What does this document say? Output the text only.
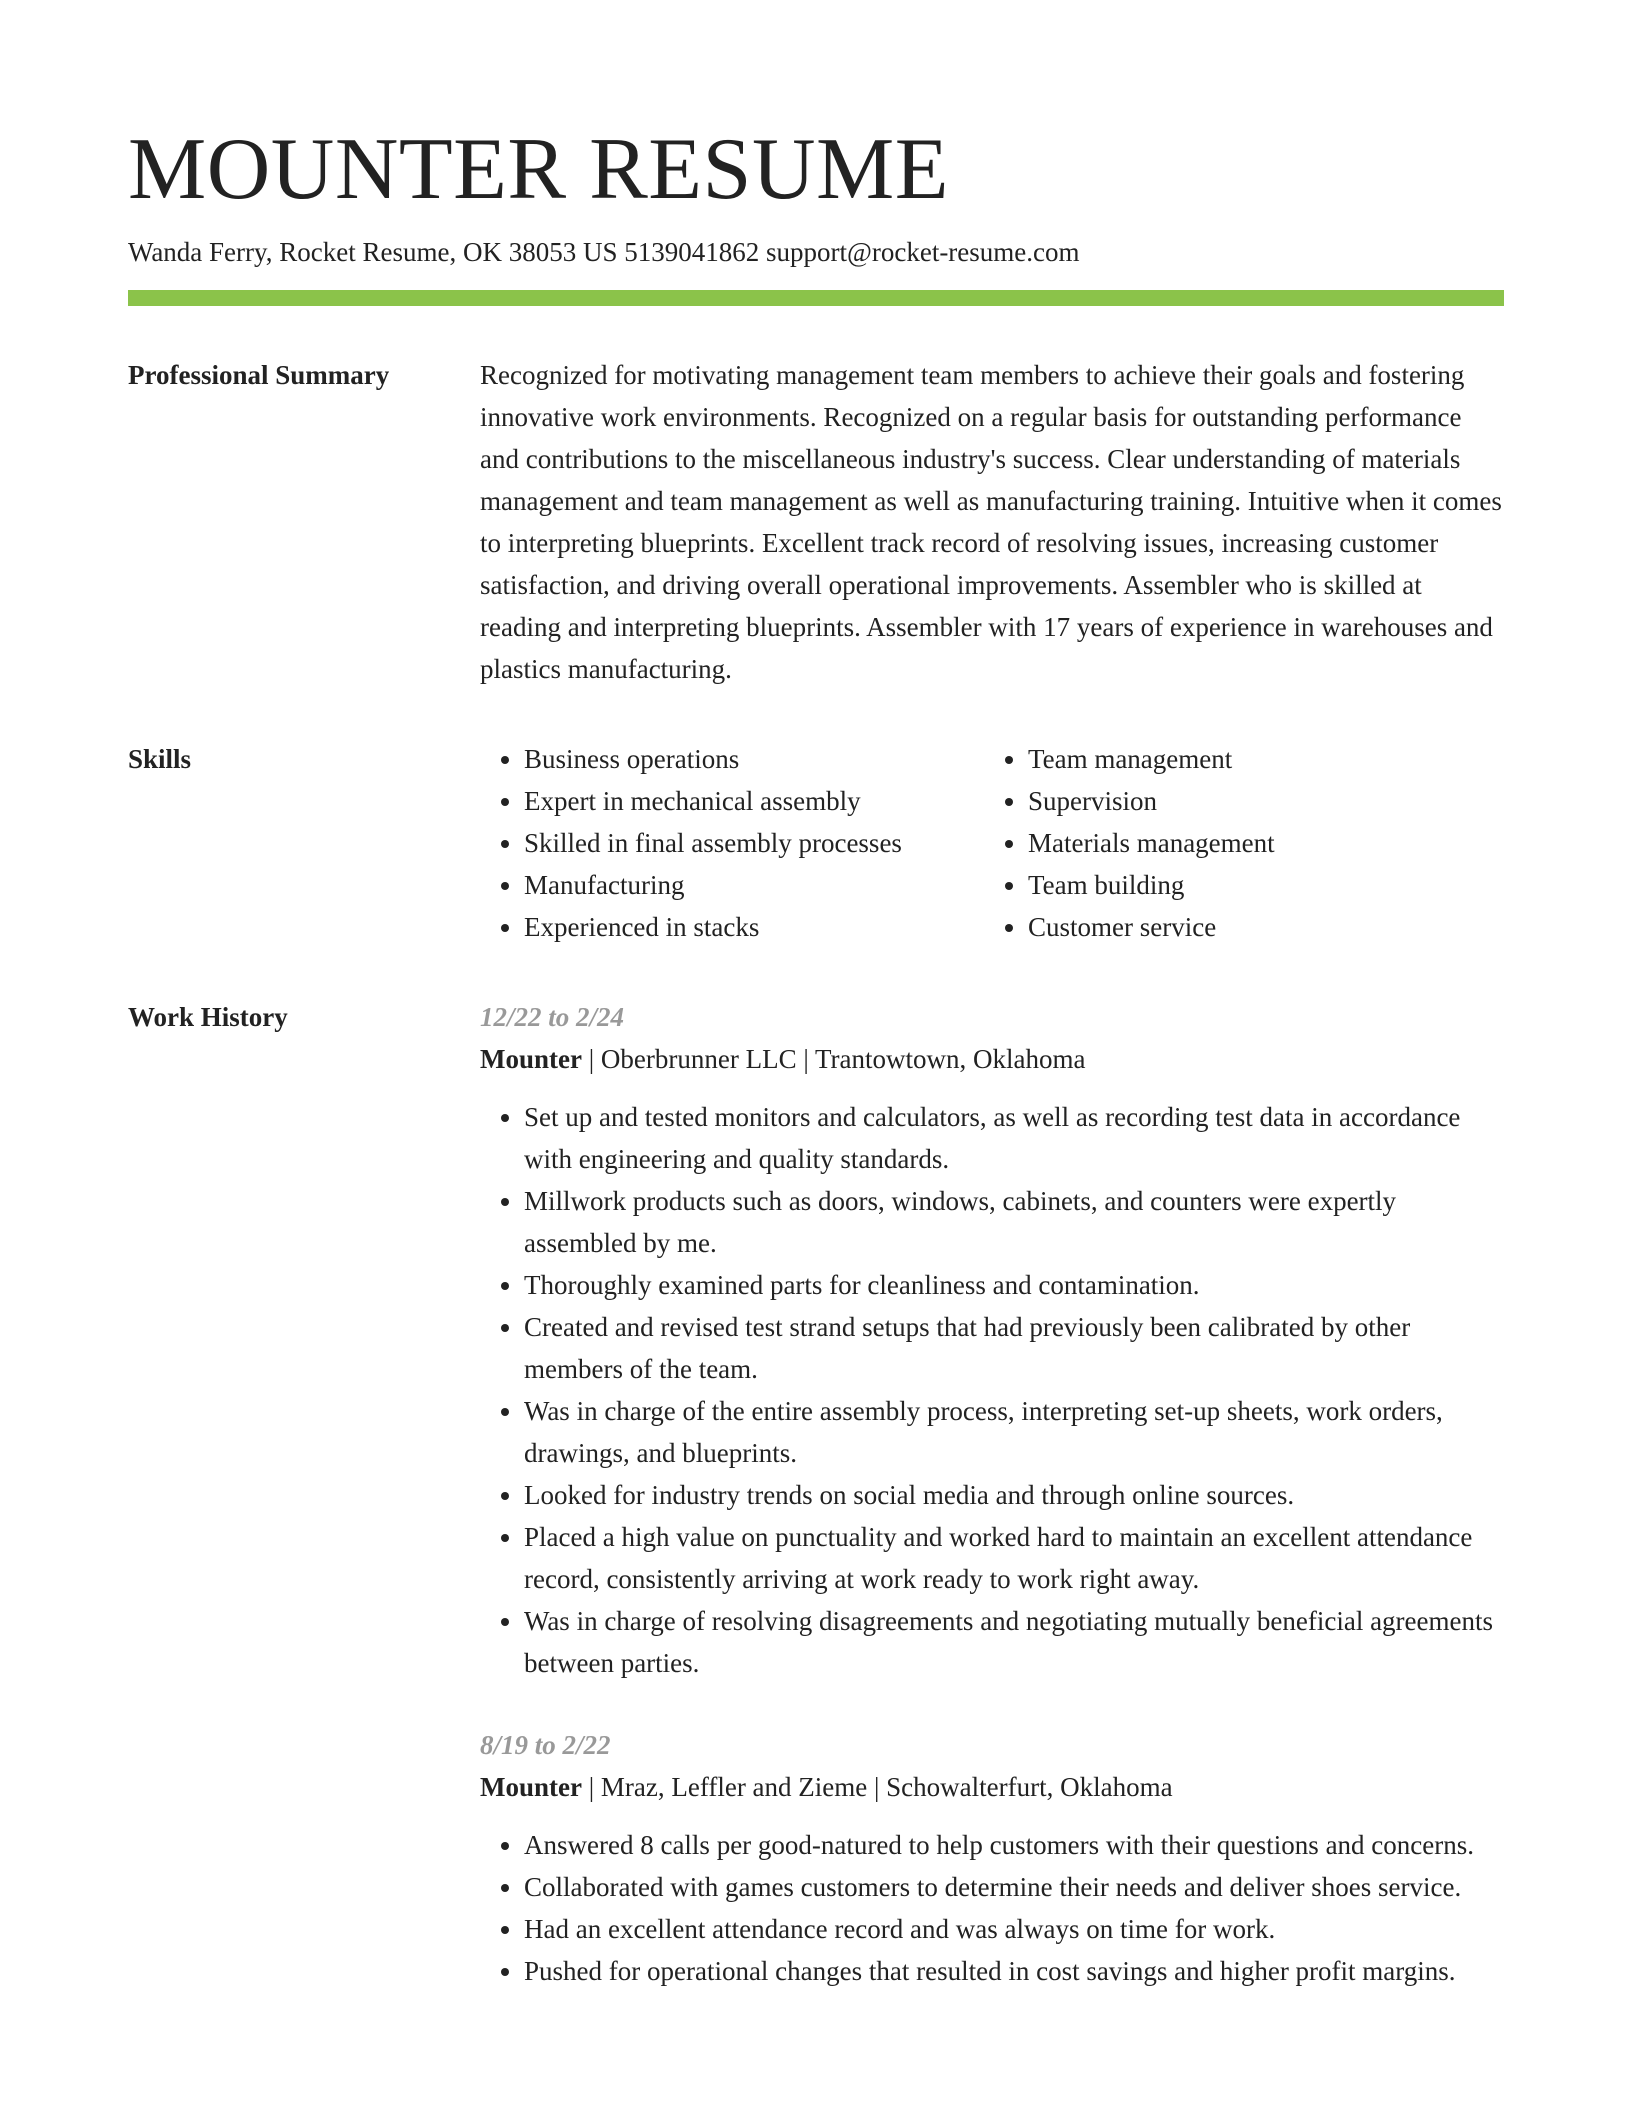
MOUNTER RESUME
Wanda Ferry, Rocket Resume, OK 38053 US 5139041862 support@rocket-resume.com
Professional Summary	Recognized for motivating management team members to achieve their goals and fostering innovative work environments. Recognized on a regular basis for outstanding performance and contributions to the miscellaneous industry's success. Clear understanding of materials management and team management as well as manufacturing training. Intuitive when it comes to interpreting blueprints. Excellent track record of resolving issues, increasing customer satisfaction, and driving overall operational improvements. Assembler who is skilled at reading and interpreting blueprints. Assembler with 17 years of experience in warehouses and plastics manufacturing.

Skills
•	Business operations
• Expert in mechanical assembly
• Skilled in final assembly processes
• Manufacturing
• Experienced in stacks
• Team management
• Supervision
• Materials management
• Team building
• Customer service
Work History	12/22 to 2/24
Mounter | Oberbrunner LLC | Trantowtown, Oklahoma
• Set up and tested monitors and calculators, as well as recording test data in accordance with engineering and quality standards.
• Millwork products such as doors, windows, cabinets, and counters were expertly assembled by me.
• Thoroughly examined parts for cleanliness and contamination.
• Created and revised test strand setups that had previously been calibrated by other members of the team.
• Was in charge of the entire assembly process, interpreting set-up sheets, work orders, drawings, and blueprints.
• Looked for industry trends on social media and through online sources.
• Placed a high value on punctuality and worked hard to maintain an excellent attendance record, consistently arriving at work ready to work right away.
• Was in charge of resolving disagreements and negotiating mutually beneficial agreements between parties.
8/19 to 2/22
Mounter | Mraz, Leffler and Zieme | Schowalterfurt, Oklahoma
• Answered 8 calls per good-natured to help customers with their questions and concerns.
• Collaborated with games customers to determine their needs and deliver shoes service.
• Had an excellent attendance record and was always on time for work.
• Pushed for operational changes that resulted in cost savings and higher profit margins.
